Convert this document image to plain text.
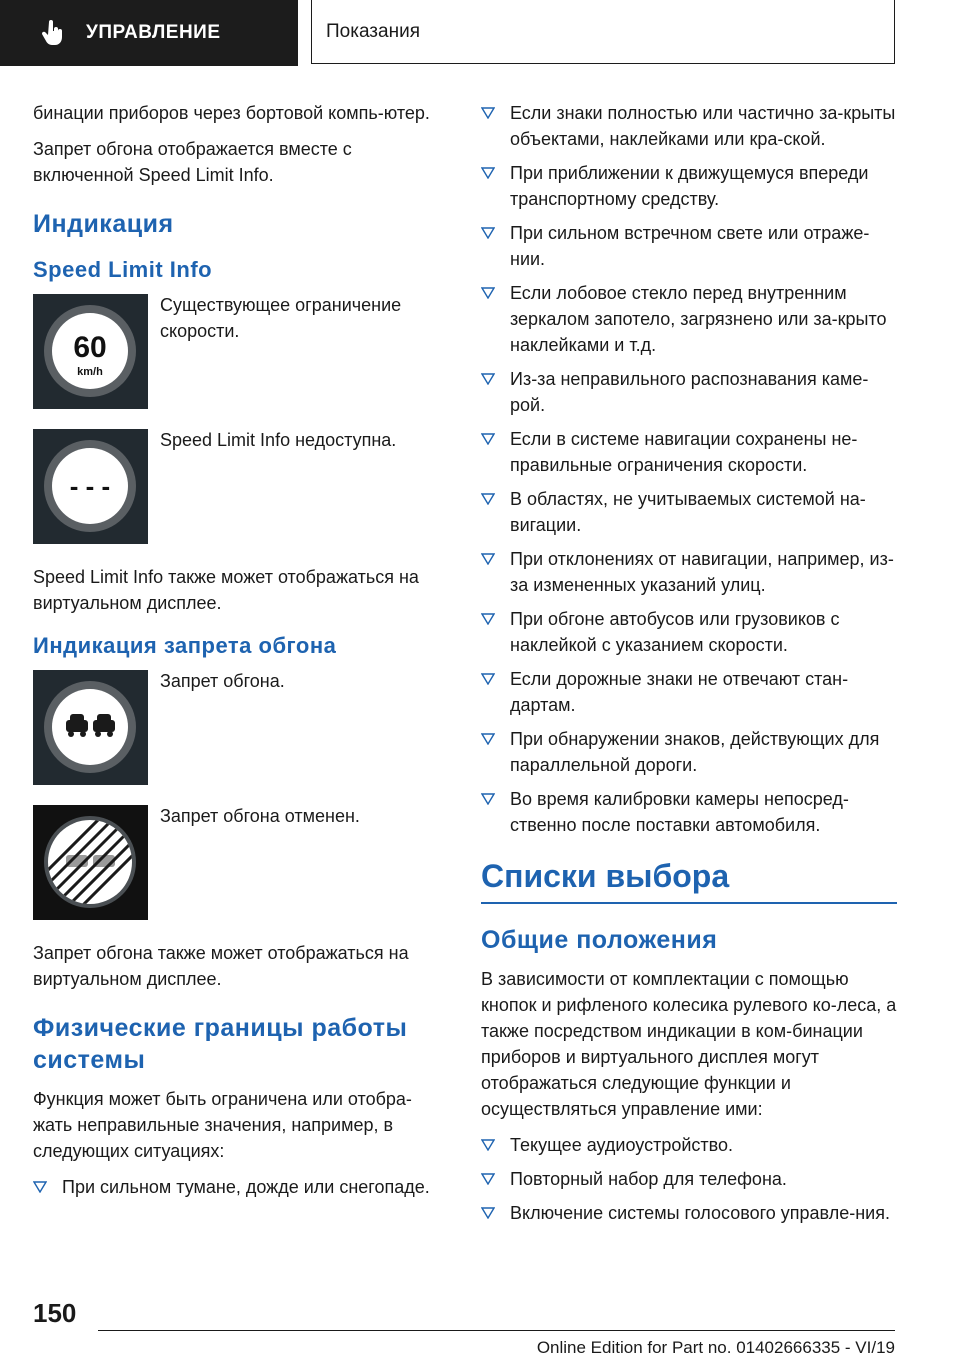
УПРАВЛЕНИЕ	Показания

бинации приборов через бортовой компь-ютер.

Запрет обгона отображается вместе с включенной Speed Limit Info.

Индикация
Speed Limit Info
60
km/h
Существующее ограничение скорости.
- - -
Speed Limit Info недоступна.

Speed Limit Info также может отображаться на виртуальном дисплее.

Индикация запрета обгона
Запрет обгона.
Запрет обгона отменен.

Запрет обгона также может отображаться на виртуальном дисплее.

Физические границы работы системы

Функция может быть ограничена или отобра-жать неправильные значения, например, в следующих ситуациях:

При сильном тумане, дожде или снегопаде.
Если знаки полностью или частично за-крыты объектами, наклейками или кра-ской.
При приближении к движущемуся впереди транспортному средству.
При сильном встречном свете или отраже-нии.
Если лобовое стекло перед внутренним зеркалом запотело, загрязнено или за-крыто наклейками и т.д.
Из-за неправильного распознавания каме-рой.
Если в системе навигации сохранены не-правильные ограничения скорости.
В областях, не учитываемых системой на-вигации.
При отклонениях от навигации, например, из-за измененных указаний улиц.
При обгоне автобусов или грузовиков с наклейкой с указанием скорости.
Если дорожные знаки не отвечают стан-дартам.
При обнаружении знаков, действующих для параллельной дороги.
Во время калибровки камеры непосред-ственно после поставки автомобиля.
Списки выбора
Общие положения

В зависимости от комплектации с помощью кнопок и рифленого колесика рулевого ко-леса, а также посредством индикации в ком-бинации приборов и виртуального дисплея могут отображаться следующие функции и осуществляться управление ими:

Текущее аудиоустройство.
Повторный набор для телефона.
Включение системы голосового управле-ния.
150
Online Edition for Part no. 01402666335 - VI/19
